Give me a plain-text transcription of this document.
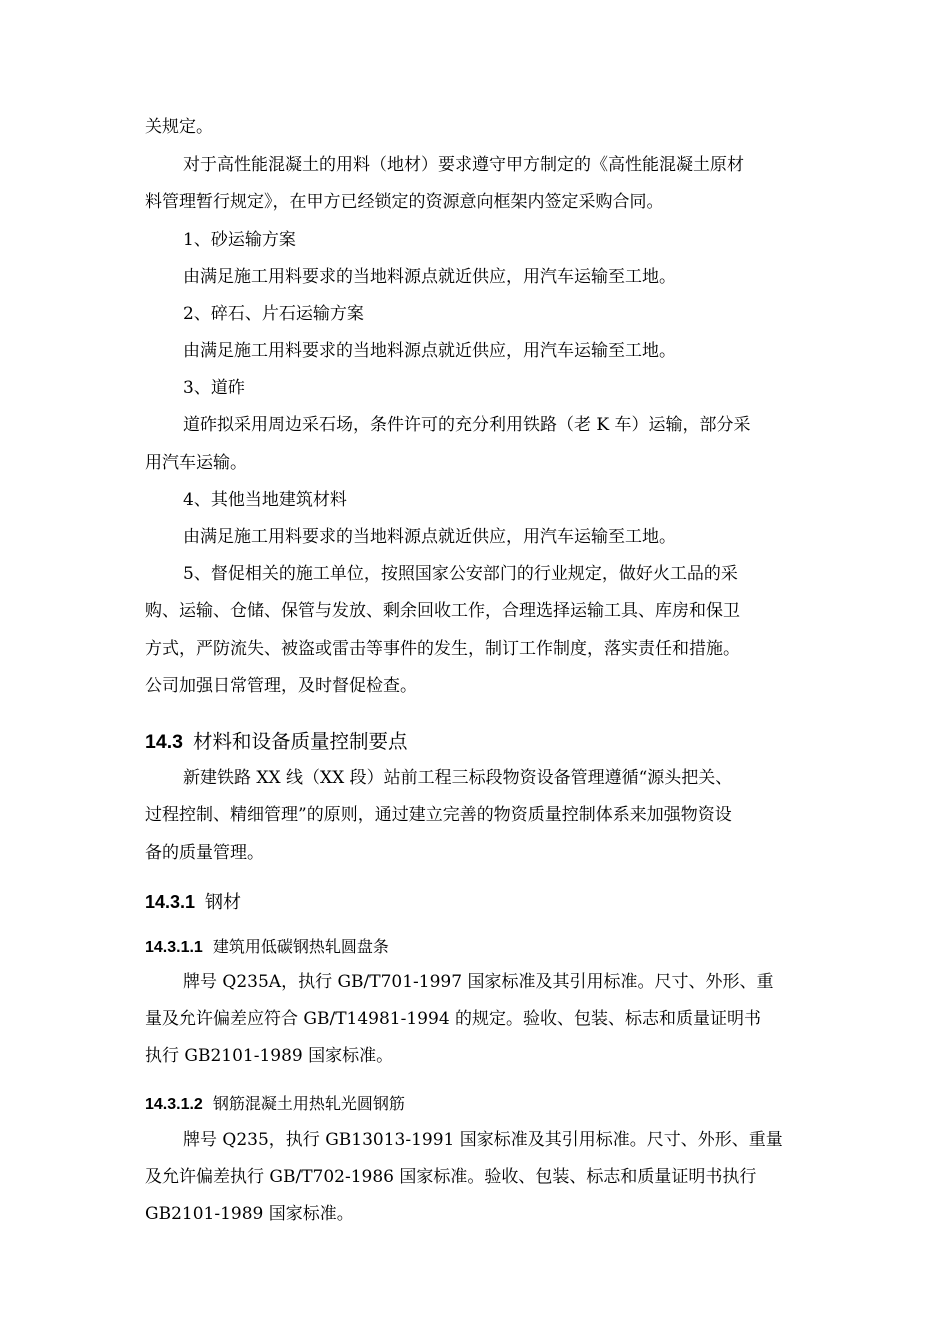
关规定。
对于高性能混凝土的用料（地材）要求遵守甲方制定的《高性能混凝土原材
料管理暂行规定》，在甲方已经锁定的资源意向框架内签定采购合同。
1、砂运输方案
由满足施工用料要求的当地料源点就近供应，用汽车运输至工地。
2、碎石、片石运输方案
由满足施工用料要求的当地料源点就近供应，用汽车运输至工地。
3、道砟
道砟拟采用周边采石场，条件许可的充分利用铁路（老 K 车）运输，部分采
用汽车运输。
4、其他当地建筑材料
由满足施工用料要求的当地料源点就近供应，用汽车运输至工地。
5、督促相关的施工单位，按照国家公安部门的行业规定，做好火工品的采
购、运输、仓储、保管与发放、剩余回收工作，合理选择运输工具、库房和保卫
方式，严防流失、被盗或雷击等事件的发生，制订工作制度，落实责任和措施。
公司加强日常管理，及时督促检查。
14.3 材料和设备质量控制要点
新建铁路 XX 线（XX 段）站前工程三标段物资设备管理遵循“源头把关、
过程控制、精细管理”的原则，通过建立完善的物资质量控制体系来加强物资设
备的质量管理。
14.3.1 钢材
14.3.1.1 建筑用低碳钢热轧圆盘条
牌号 Q235A，执行 GB/T701-1997 国家标准及其引用标准。尺寸、外形、重
量及允许偏差应符合 GB/T14981-1994 的规定。验收、包装、标志和质量证明书
执行 GB2101-1989 国家标准。
14.3.1.2 钢筋混凝土用热轧光圆钢筋
牌号 Q235，执行 GB13013-1991 国家标准及其引用标准。尺寸、外形、重量
及允许偏差执行 GB/T702-1986 国家标准。验收、包装、标志和质量证明书执行
GB2101-1989 国家标准。
